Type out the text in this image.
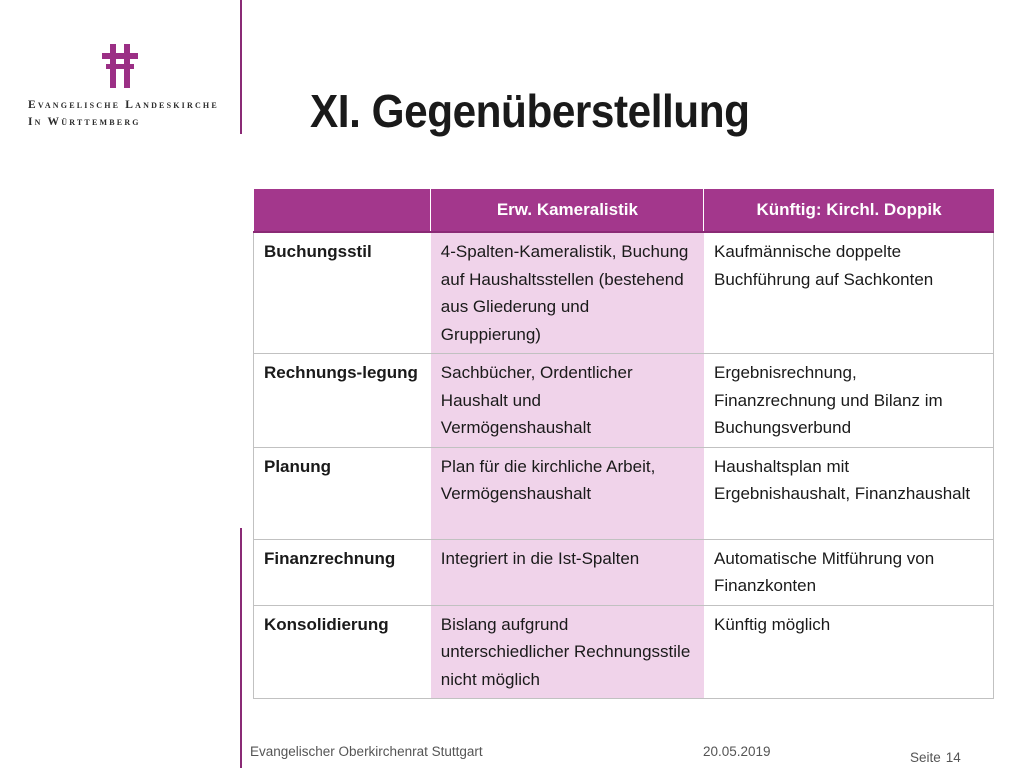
Evangelische Landeskirche
In Württemberg	XI. Gegenüberstellung
	Erw. Kameralistik	Künftig: Kirchl. Doppik
Buchungsstil	4-Spalten-Kameralistik, Buchung auf Haushaltsstellen (bestehend aus Gliederung und Gruppierung)	Kaufmännische doppelte Buchführung auf Sachkonten
Rechnungs-legung	Sachbücher, Ordentlicher Haushalt und Vermögenshaushalt	Ergebnisrechnung, Finanzrechnung und Bilanz im Buchungsverbund
Planung	Plan für die kirchliche Arbeit, Vermögenshaushalt	Haushaltsplan mit Ergebnishaushalt, Finanzhaushalt
Finanzrechnung	Integriert in die Ist-Spalten	Automatische Mitführung von Finanzkonten
Konsolidierung	Bislang aufgrund unterschiedlicher Rechnungsstile nicht möglich	Künftig möglich
Evangelischer Oberkirchenrat Stuttgart	20.05.2019	Seite 14
